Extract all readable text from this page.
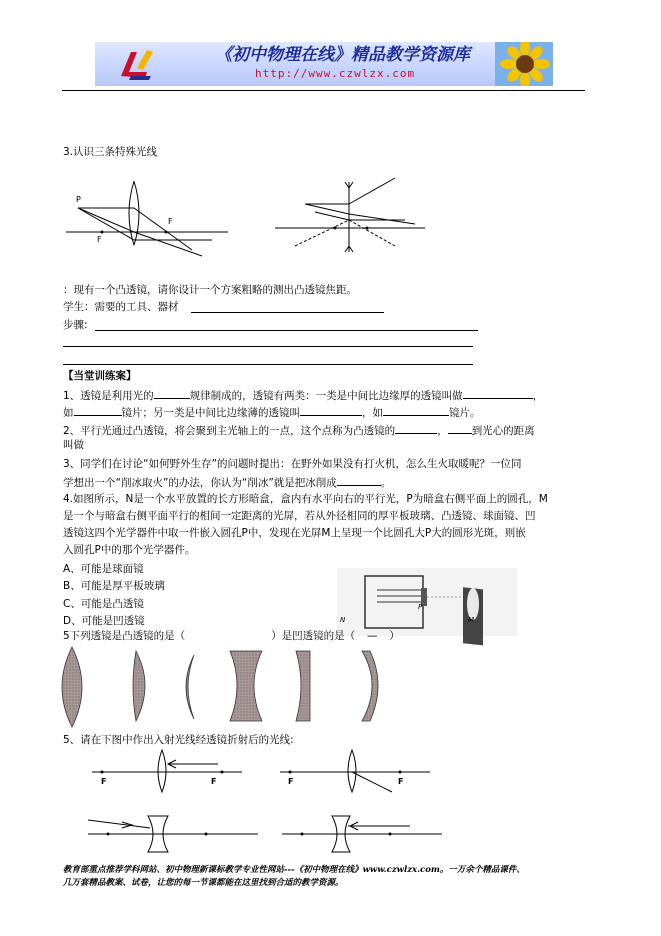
《初中物理在线》精品教学资源库
http://www.czwlzx.com
3.认识三条特殊光线
P
F
F
：现有一个凸透镜，请你设计一个方案粗略的测出凸透镜焦距。
学生：需要的工具、器材
步骤:
【当堂训练案】
1、透镜是利用光的	规律制成的，透镜有两类：一类是中间比边缘厚的透镜叫做	，
如	镜片；另一类是中间比边缘薄的透镜叫	，如	镜片。
2、平行光通过凸透镜，将会聚到主光轴上的一点，这个点称为凸透镜的	， 到光心的距离
叫做
3、同学们在讨论“如何野外生存”的问题时提出：在野外如果没有打火机，怎么生火取暖呢？一位同
学想出一个“削冰取火”的办法，你认为“削冰”就是把冰削成	。
4.如图所示，N是一个水平放置的长方形暗盒，盒内有水平向右的平行光，P为暗盒右侧平面上的圆孔，M
是一个与暗盒右侧平面平行的相间一定距离的光屏，若从外径相同的厚平板玻璃、凸透镜、球面镜、凹
透镜这四个光学器件中取一件嵌入圆孔P中，发现在光屏M上呈现一个比圆孔大P大的圆形光斑，则嵌
入圆孔P中的那个光学器件。
A、可能是球面镜
B、可能是厚平板玻璃
C、可能是凸透镜
D、可能是凹透镜	N
P
M
5下列透镜是凸透镜的是（	）是凹透镜的是（ — ）
5、请在下图中作出入射光线经透镜折射后的光线:
F	F	F	F
教育部重点推荐学科网站、初中物理新课标教学专业性网站---《初中物理在线》www.czwlzx.com。一万余个精品课件、
几万套精品教案、试卷，让您的每一节课都能在这里找到合适的教学资源。
